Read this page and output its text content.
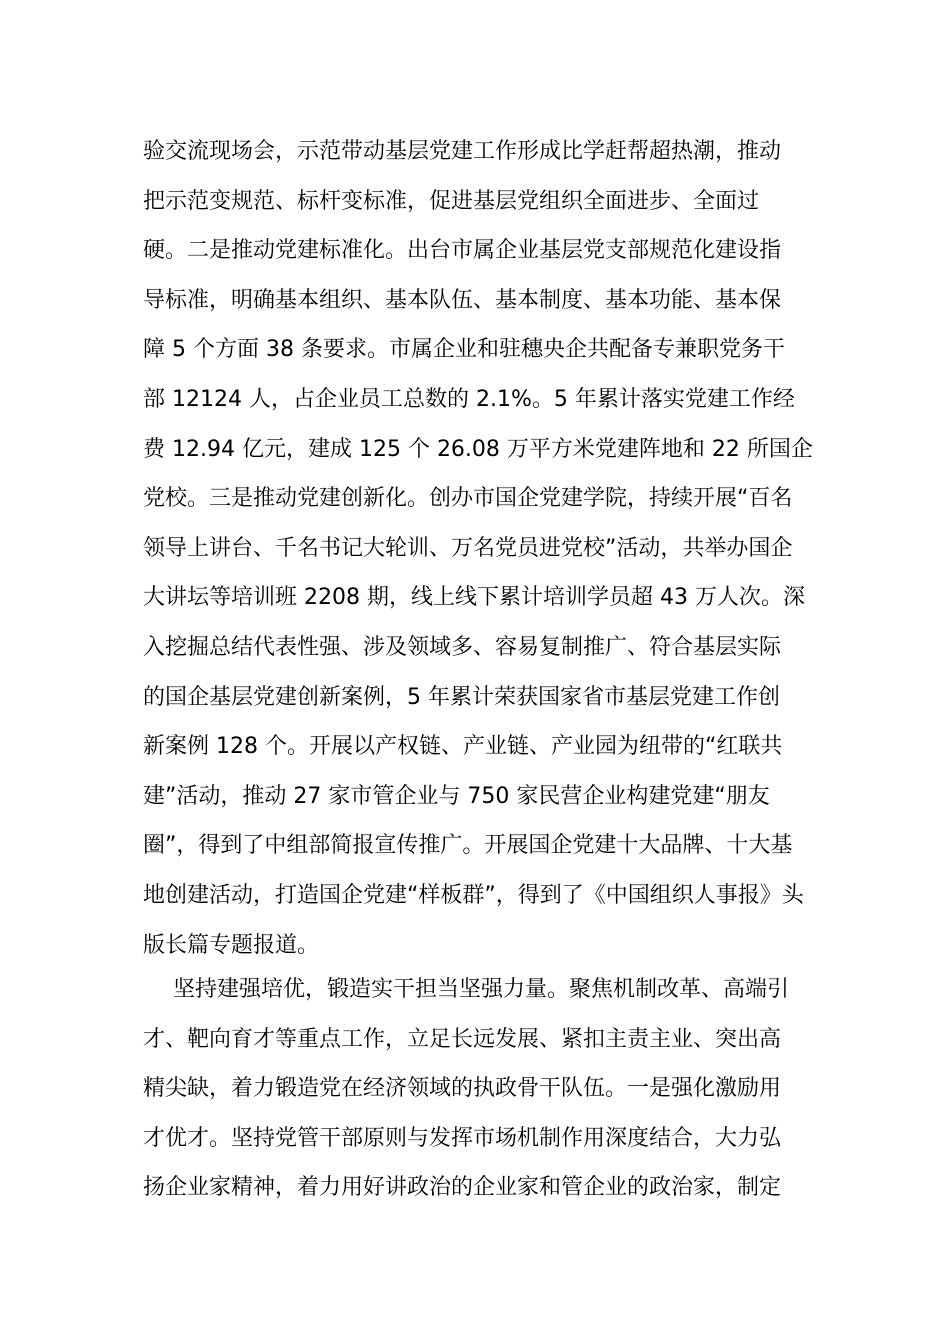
验交流现场会，示范带动基层党建工作形成比学赶帮超热潮，推动
把示范变规范、标杆变标准，促进基层党组织全面进步、全面过
硬。二是推动党建标准化。出台市属企业基层党支部规范化建设指
导标准，明确基本组织、基本队伍、基本制度、基本功能、基本保
障 5 个方面 38 条要求。市属企业和驻穗央企共配备专兼职党务干
部 12124 人，占企业员工总数的 2.1%。5 年累计落实党建工作经
费 12.94 亿元，建成 125 个 26.08 万平方米党建阵地和 22 所国企
党校。三是推动党建创新化。创办市国企党建学院，持续开展“百名
领导上讲台、千名书记大轮训、万名党员进党校”活动，共举办国企
大讲坛等培训班 2208 期，线上线下累计培训学员超 43 万人次。深
入挖掘总结代表性强、涉及领域多、容易复制推广、符合基层实际
的国企基层党建创新案例，5 年累计荣获国家省市基层党建工作创
新案例 128 个。开展以产权链、产业链、产业园为纽带的“红联共
建”活动，推动 27 家市管企业与 750 家民营企业构建党建“朋友
圈”，得到了中组部简报宣传推广。开展国企党建十大品牌、十大基
地创建活动，打造国企党建“样板群”，得到了《中国组织人事报》头
版长篇专题报道。
坚持建强培优，锻造实干担当坚强力量。聚焦机制改革、高端引
才、靶向育才等重点工作，立足长远发展、紧扣主责主业、突出高
精尖缺，着力锻造党在经济领域的执政骨干队伍。一是强化激励用
才优才。坚持党管干部原则与发挥市场机制作用深度结合，大力弘
扬企业家精神，着力用好讲政治的企业家和管企业的政治家，制定
